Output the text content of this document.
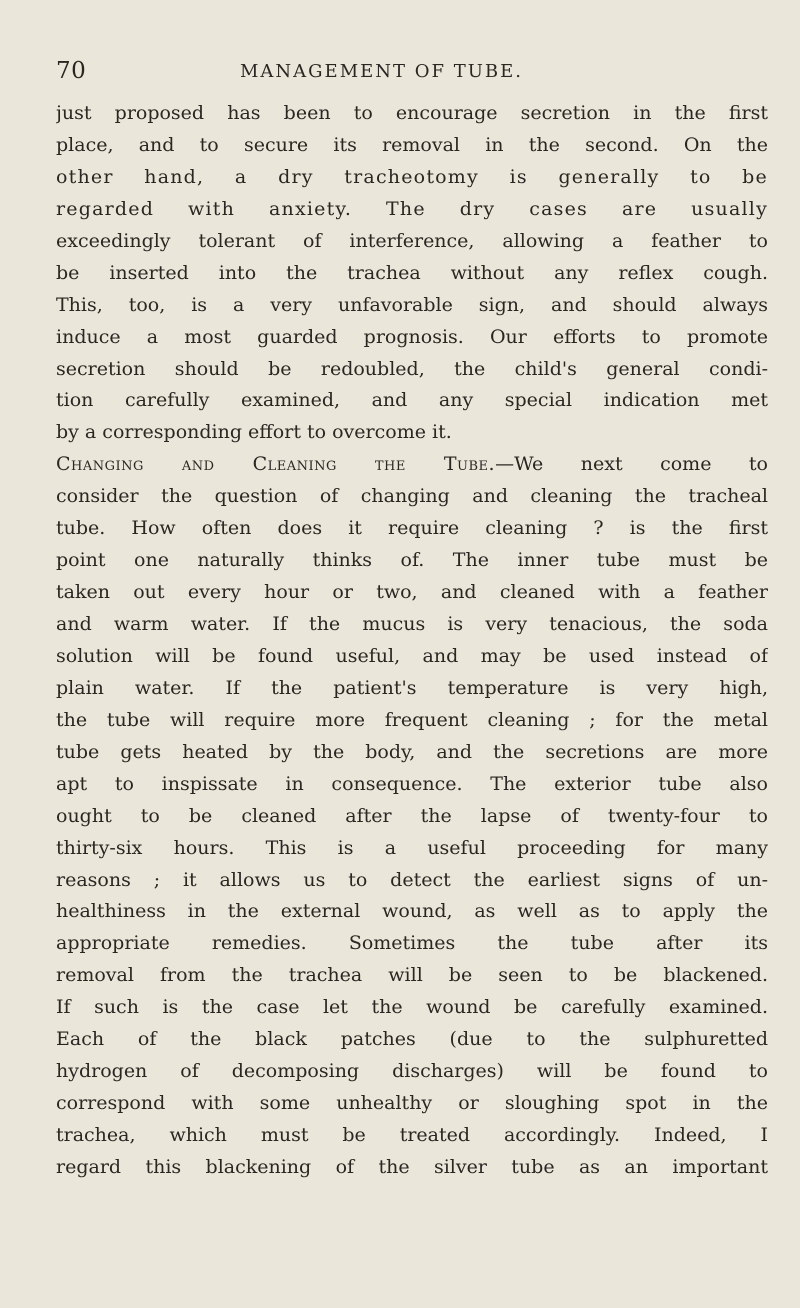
70	MANAGEMENT OF TUBE.
just proposed has been to encourage secretion in the first
place, and to secure its removal in the second. On the
other hand, a dry tracheotomy is generally to be
regarded with anxiety. The dry cases are usually
exceedingly tolerant of interference, allowing a feather to
be inserted into the trachea without any reflex cough.
This, too, is a very unfavorable sign, and should always
induce a most guarded prognosis. Our efforts to promote
secretion should be redoubled, the child's general condi-
tion carefully examined, and any special indication met
by a corresponding effort to overcome it.
Changing and Cleaning the Tube.—We next come to
consider the question of changing and cleaning the tracheal
tube. How often does it require cleaning ? is the first
point one naturally thinks of. The inner tube must be
taken out every hour or two, and cleaned with a feather
and warm water. If the mucus is very tenacious, the soda
solution will be found useful, and may be used instead of
plain water. If the patient's temperature is very high,
the tube will require more frequent cleaning ; for the metal
tube gets heated by the body, and the secretions are more
apt to inspissate in consequence. The exterior tube also
ought to be cleaned after the lapse of twenty-four to
thirty-six hours. This is a useful proceeding for many
reasons ; it allows us to detect the earliest signs of un-
healthiness in the external wound, as well as to apply the
appropriate remedies. Sometimes the tube after its
removal from the trachea will be seen to be blackened.
If such is the case let the wound be carefully examined.
Each of the black patches (due to the sulphuretted
hydrogen of decomposing discharges) will be found to
correspond with some unhealthy or sloughing spot in the
trachea, which must be treated accordingly. Indeed, I
regard this blackening of the silver tube as an important
